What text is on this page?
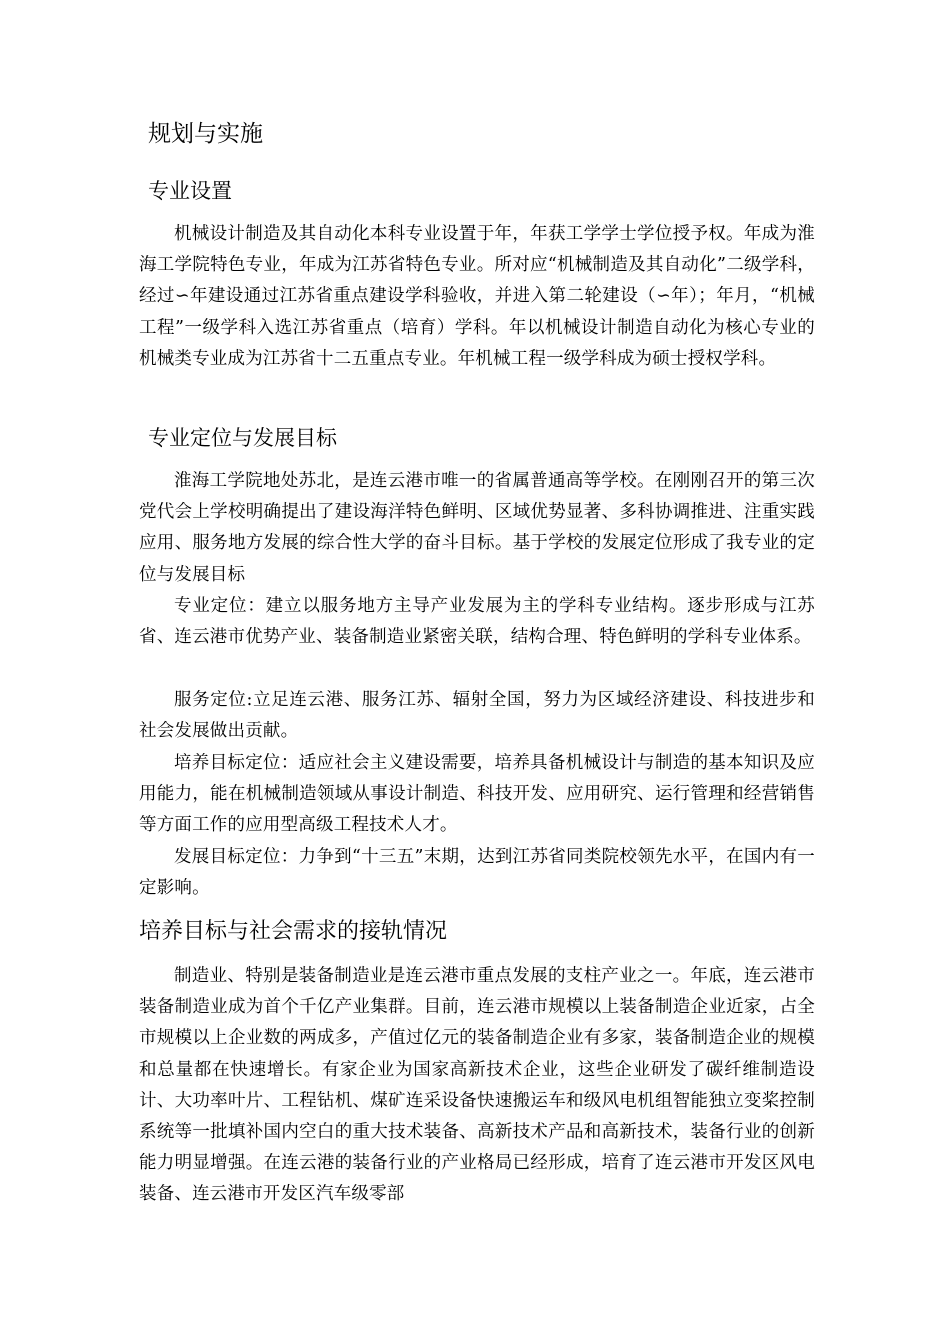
规划与实施
专业设置

机械设计制造及其自动化本科专业设置于年，年获工学学士学位授予权。年成为淮海工学院特色专业，年成为江苏省特色专业。所对应“机械制造及其自动化”二级学科，经过∽年建设通过江苏省重点建设学科验收，并进入第二轮建设（∽年）；年月，“机械工程”一级学科入选江苏省重点（培育）学科。年以机械设计制造自动化为核心专业的机械类专业成为江苏省十二五重点专业。年机械工程一级学科成为硕士授权学科。

专业定位与发展目标

淮海工学院地处苏北，是连云港市唯一的省属普通高等学校。在刚刚召开的第三次党代会上学校明确提出了建设海洋特色鲜明、区域优势显著、多科协调推进、注重实践应用、服务地方发展的综合性大学的奋斗目标。基于学校的发展定位形成了我专业的定位与发展目标

专业定位：建立以服务地方主导产业发展为主的学科专业结构。逐步形成与江苏省、连云港市优势产业、装备制造业紧密关联，结构合理、特色鲜明的学科专业体系。

服务定位:立足连云港、服务江苏、辐射全国，努力为区域经济建设、科技进步和社会发展做出贡献。

培养目标定位：适应社会主义建设需要，培养具备机械设计与制造的基本知识及应用能力，能在机械制造领域从事设计制造、科技开发、应用研究、运行管理和经营销售等方面工作的应用型高级工程技术人才。

发展目标定位：力争到“十三五”末期，达到江苏省同类院校领先水平，在国内有一定影响。

培养目标与社会需求的接轨情况

制造业、特别是装备制造业是连云港市重点发展的支柱产业之一。年底，连云港市装备制造业成为首个千亿产业集群。目前，连云港市规模以上装备制造企业近家，占全市规模以上企业数的两成多，产值过亿元的装备制造企业有多家，装备制造企业的规模和总量都在快速增长。有家企业为国家高新技术企业，这些企业研发了碳纤维制造设计、大功率叶片、工程钻机、煤矿连采设备快速搬运车和级风电机组智能独立变桨控制系统等一批填补国内空白的重大技术装备、高新技术产品和高新技术，装备行业的创新能力明显增强。在连云港的装备行业的产业格局已经形成，培育了连云港市开发区风电装备、连云港市开发区汽车级零部
